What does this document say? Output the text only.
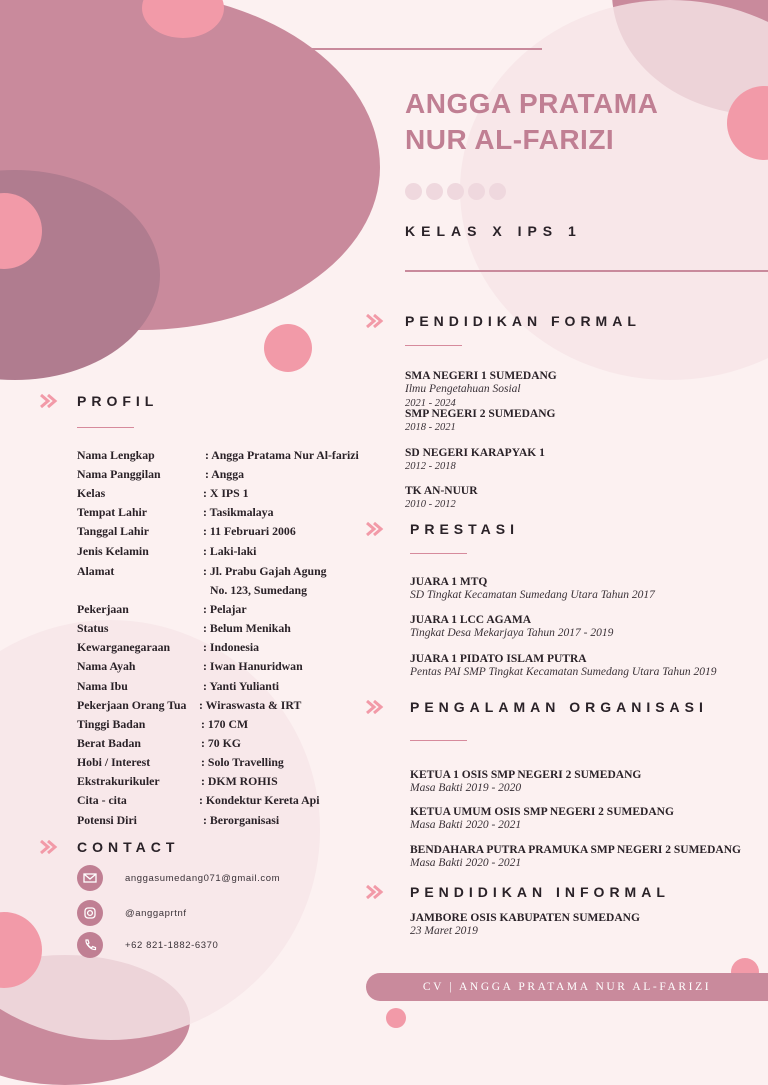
ANGGA PRATAMA
NUR AL-FARIZI
KELAS X IPS 1
PROFIL
Nama Lengkap	: Angga Pratama Nur Al-farizi
Nama Panggilan	: Angga
Kelas	: X IPS 1
Tempat Lahir	: Tasikmalaya
Tanggal Lahir	: 11 Februari 2006
Jenis Kelamin	: Laki-laki
Alamat	: Jl. Prabu Gajah Agung
No. 123, Sumedang
Pekerjaan	: Pelajar
Status	: Belum Menikah
Kewarganegaraan	: Indonesia
Nama Ayah	: Iwan Hanuridwan
Nama Ibu	: Yanti Yulianti
Pekerjaan Orang Tua : Wiraswasta & IRT
Tinggi Badan	: 170 CM
Berat Badan	: 70 KG
Hobi / Interest	: Solo Travelling
Ekstrakurikuler	: DKM ROHIS
Cita - cita	: Kondektur Kereta Api
Potensi Diri	: Berorganisasi
CONTACT
anggasumedang071@gmail.com
@anggaprtnf
+62 821-1882-6370
PENDIDIKAN FORMAL
SMA NEGERI 1 SUMEDANG
Ilmu Pengetahuan Sosial
2021 - 2024
SMP NEGERI 2 SUMEDANG
2018 - 2021
SD NEGERI KARAPYAK 1
2012 - 2018
TK AN-NUUR
2010 - 2012
PRESTASI
JUARA 1 MTQ
SD Tingkat Kecamatan Sumedang Utara Tahun 2017
JUARA 1 LCC AGAMA
Tingkat Desa Mekarjaya Tahun 2017 - 2019
JUARA 1 PIDATO ISLAM PUTRA
Pentas PAI SMP Tingkat Kecamatan Sumedang Utara Tahun 2019
PENGALAMAN ORGANISASI
KETUA 1 OSIS SMP NEGERI 2 SUMEDANG
Masa Bakti 2019 - 2020
KETUA UMUM OSIS SMP NEGERI 2 SUMEDANG
Masa Bakti 2020 - 2021
BENDAHARA PUTRA PRAMUKA SMP NEGERI 2 SUMEDANG
Masa Bakti 2020 - 2021
PENDIDIKAN INFORMAL
JAMBORE OSIS KABUPATEN SUMEDANG
23 Maret 2019
CV | ANGGA PRATAMA NUR AL-FARIZI
